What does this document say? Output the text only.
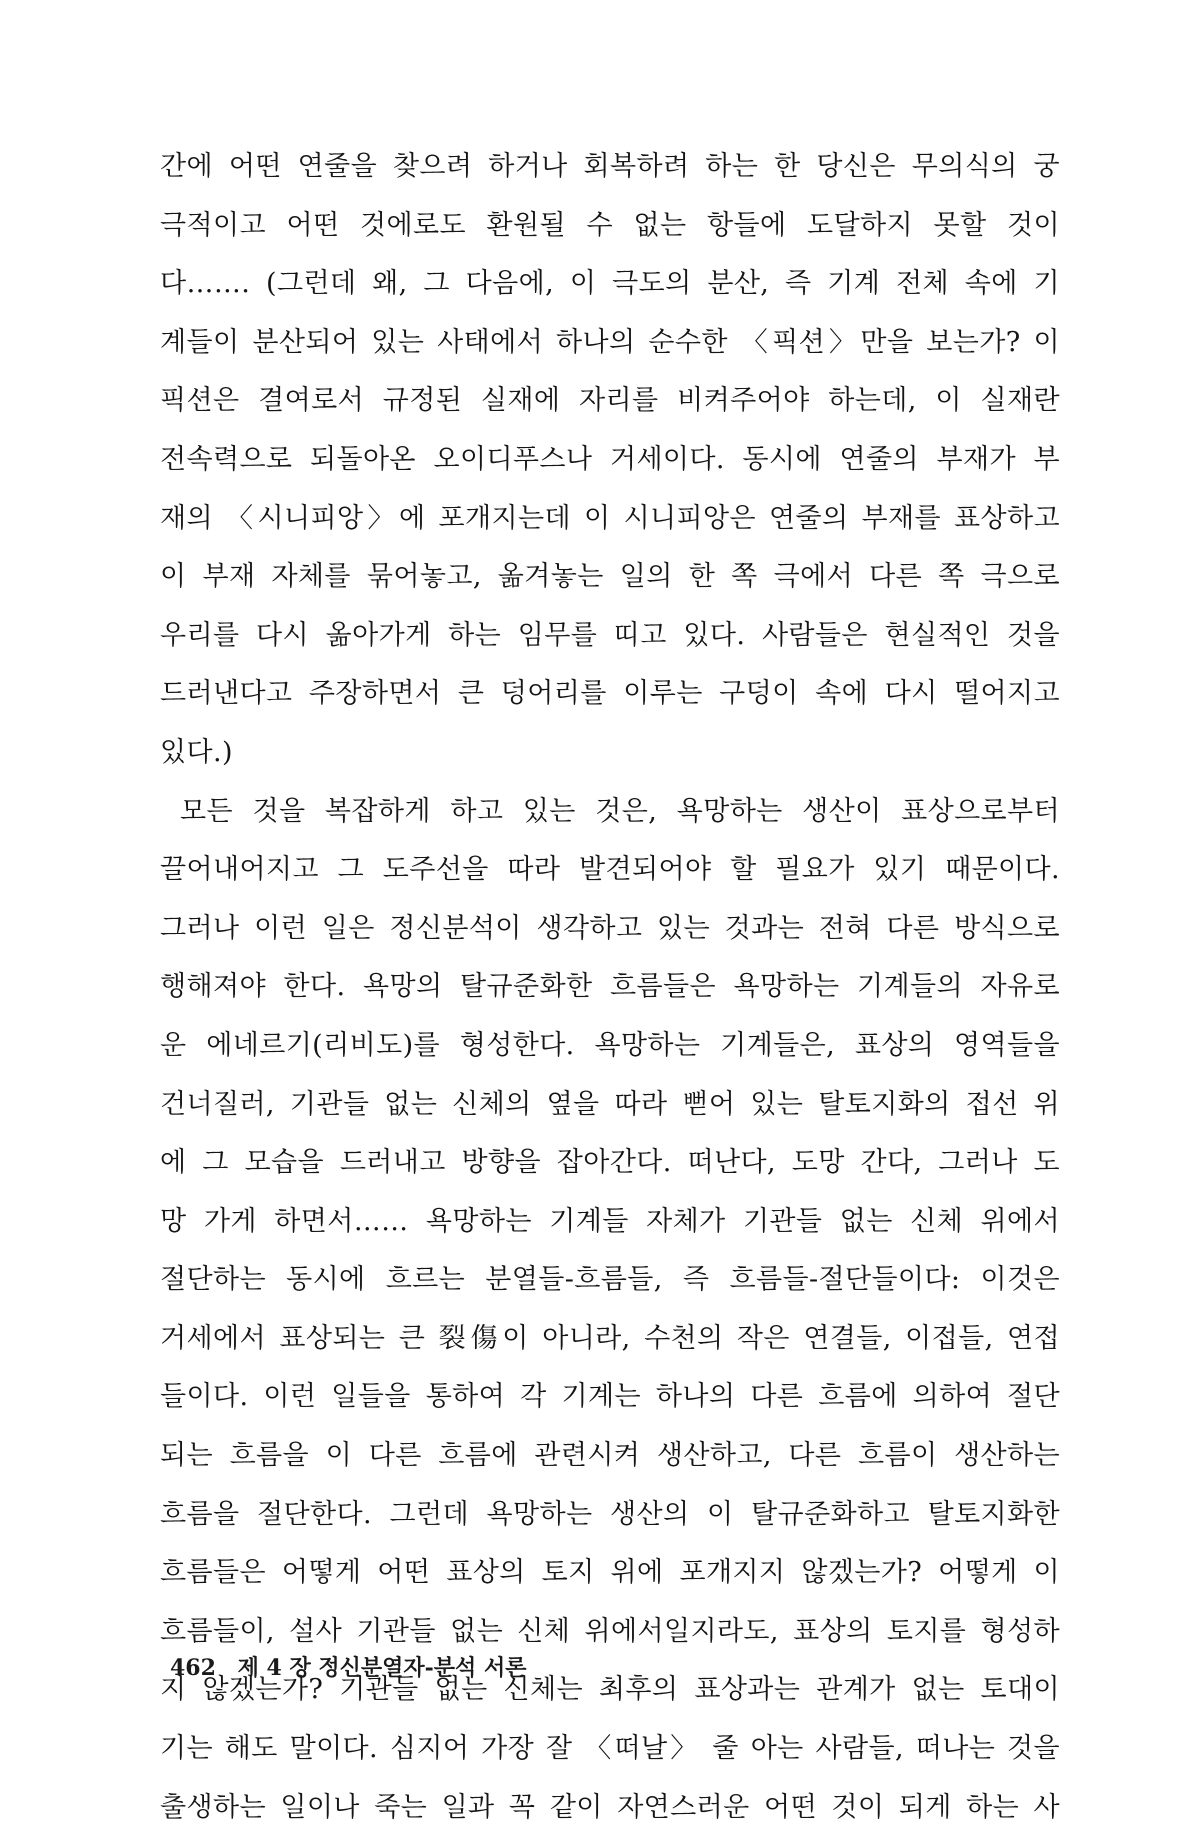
간에 어떤 연줄을 찾으려 하거나 회복하려 하는 한 당신은 무의식의 궁
극적이고 어떤 것에로도 환원될 수 없는 항들에 도달하지 못할 것이
다……. (그런데 왜, 그 다음에, 이 극도의 분산, 즉 기계 전체 속에 기
계들이 분산되어 있는 사태에서 하나의 순수한 〈픽션〉만을 보는가? 이
픽션은 결여로서 규정된 실재에 자리를 비켜주어야 하는데, 이 실재란
전속력으로 되돌아온 오이디푸스나 거세이다. 동시에 연줄의 부재가 부
재의 〈시니피앙〉에 포개지는데 이 시니피앙은 연줄의 부재를 표상하고
이 부재 자체를 묶어놓고, 옮겨놓는 일의 한 쪽 극에서 다른 쪽 극으로
우리를 다시 옮아가게 하는 임무를 띠고 있다. 사람들은 현실적인 것을
드러낸다고 주장하면서 큰 덩어리를 이루는 구덩이 속에 다시 떨어지고
있다.)

모든 것을 복잡하게 하고 있는 것은, 욕망하는 생산이 표상으로부터
끌어내어지고 그 도주선을 따라 발견되어야 할 필요가 있기 때문이다.
그러나 이런 일은 정신분석이 생각하고 있는 것과는 전혀 다른 방식으로
행해져야 한다. 욕망의 탈규준화한 흐름들은 욕망하는 기계들의 자유로
운 에네르기(리비도)를 형성한다. 욕망하는 기계들은, 표상의 영역들을
건너질러, 기관들 없는 신체의 옆을 따라 뻗어 있는 탈토지화의 접선 위
에 그 모습을 드러내고 방향을 잡아간다. 떠난다, 도망 간다, 그러나 도
망 가게 하면서…… 욕망하는 기계들 자체가 기관들 없는 신체 위에서
절단하는 동시에 흐르는 분열들-흐름들, 즉 흐름들-절단들이다: 이것은
거세에서 표상되는 큰 裂傷이 아니라, 수천의 작은 연결들, 이접들, 연접
들이다. 이런 일들을 통하여 각 기계는 하나의 다른 흐름에 의하여 절단
되는 흐름을 이 다른 흐름에 관련시켜 생산하고, 다른 흐름이 생산하는
흐름을 절단한다. 그런데 욕망하는 생산의 이 탈규준화하고 탈토지화한
흐름들은 어떻게 어떤 표상의 토지 위에 포개지지 않겠는가? 어떻게 이
흐름들이, 설사 기관들 없는 신체 위에서일지라도, 표상의 토지를 형성하
지 않겠는가? 기관들 없는 신체는 최후의 표상과는 관계가 없는 토대이
기는 해도 말이다. 심지어 가장 잘 〈떠날〉 줄 아는 사람들, 떠나는 것을
출생하는 일이나 죽는 일과 꼭 같이 자연스러운 어떤 것이 되게 하는 사

462 제 4 장 정신분열자-분석 서론
